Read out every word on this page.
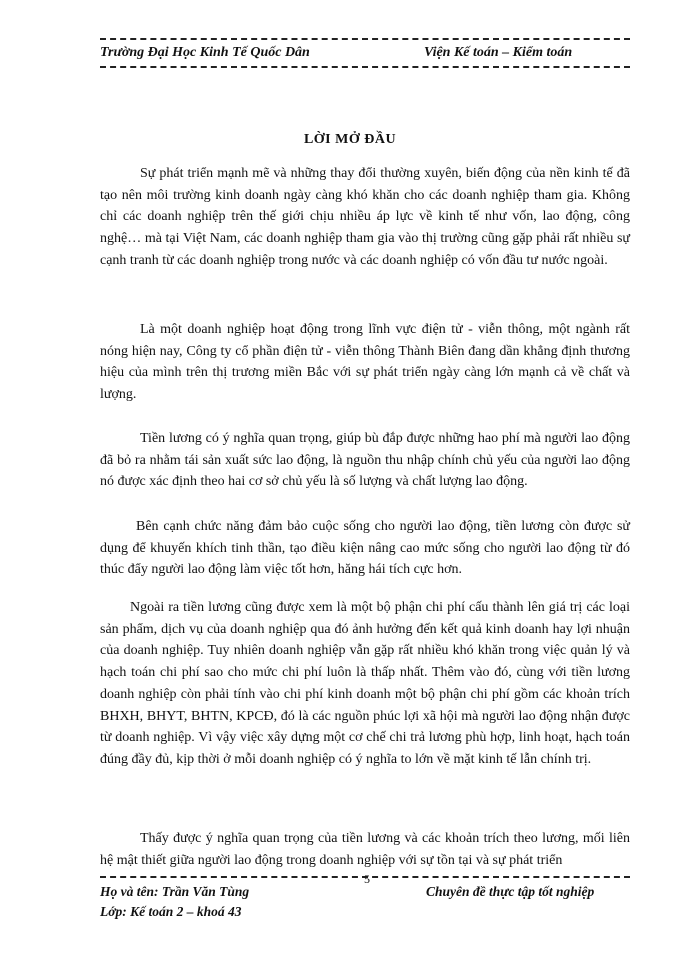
Trường Đại Học Kinh Tế Quốc Dân	Viện Kế toán – Kiểm toán
LỜI MỞ ĐẦU

Sự phát triển mạnh mẽ và những thay đổi thường xuyên, biến động của nền kinh tế đã tạo nên môi trường kinh doanh ngày càng khó khăn cho các doanh nghiệp tham gia. Không chỉ các doanh nghiệp trên thế giới chịu nhiều áp lực về kinh tế như vốn, lao động, công nghệ… mà tại Việt Nam, các doanh nghiệp tham gia vào thị trường cũng gặp phải rất nhiều sự cạnh tranh từ các doanh nghiệp trong nước và các doanh nghiệp có vốn đầu tư nước ngoài.

Là một doanh nghiệp hoạt động trong lĩnh vực điện tử - viễn thông, một ngành rất nóng hiện nay, Công ty cổ phần điện tử - viễn thông Thành Biên đang dần khẳng định thương hiệu của mình trên thị trương miền Bắc với sự phát triển ngày càng lớn mạnh cả về chất và lượng.

Tiền lương có ý nghĩa quan trọng, giúp bù đắp được những hao phí mà người lao động đã bỏ ra nhằm tái sản xuất sức lao động, là nguồn thu nhập chính chủ yếu của người lao động nó được xác định theo hai cơ sở chủ yếu là số lượng và chất lượng lao động.

Bên cạnh chức năng đảm bảo cuộc sống cho người lao động, tiền lương còn được sử dụng để khuyến khích tinh thần, tạo điều kiện nâng cao mức sống cho người lao động từ đó thúc đẩy người lao động làm việc tốt hơn, hăng hái tích cực hơn.

Ngoài ra tiền lương cũng được xem là một bộ phận chi phí cấu thành lên giá trị các loại sản phẩm, dịch vụ của doanh nghiệp qua đó ảnh hưởng đến kết quả kinh doanh hay lợi nhuận của doanh nghiệp. Tuy nhiên doanh nghiệp vẫn gặp rất nhiều khó khăn trong việc quản lý và hạch toán chi phí sao cho mức chi phí luôn là thấp nhất. Thêm vào đó, cùng với tiền lương doanh nghiệp còn phải tính vào chi phí kinh doanh một bộ phận chi phí gồm các khoản trích BHXH, BHYT, BHTN, KPCĐ, đó là các nguồn phúc lợi xã hội mà người lao động nhận được từ doanh nghiệp. Vì vậy việc xây dựng một cơ chế chi trả lương phù hợp, linh hoạt, hạch toán đúng đầy đủ, kịp thời ở mỗi doanh nghiệp có ý nghĩa to lớn về mặt kinh tế lẫn chính trị.

Thấy được ý nghĩa quan trọng của tiền lương và các khoản trích theo lương, mối liên hệ mật thiết giữa người lao động trong doanh nghiệp với sự tồn tại và sự phát triển

Họ và tên: Trần Văn Tùng
5
Chuyên đề thực tập tốt nghiệp
Lớp: Kế toán 2 – khoá 43
